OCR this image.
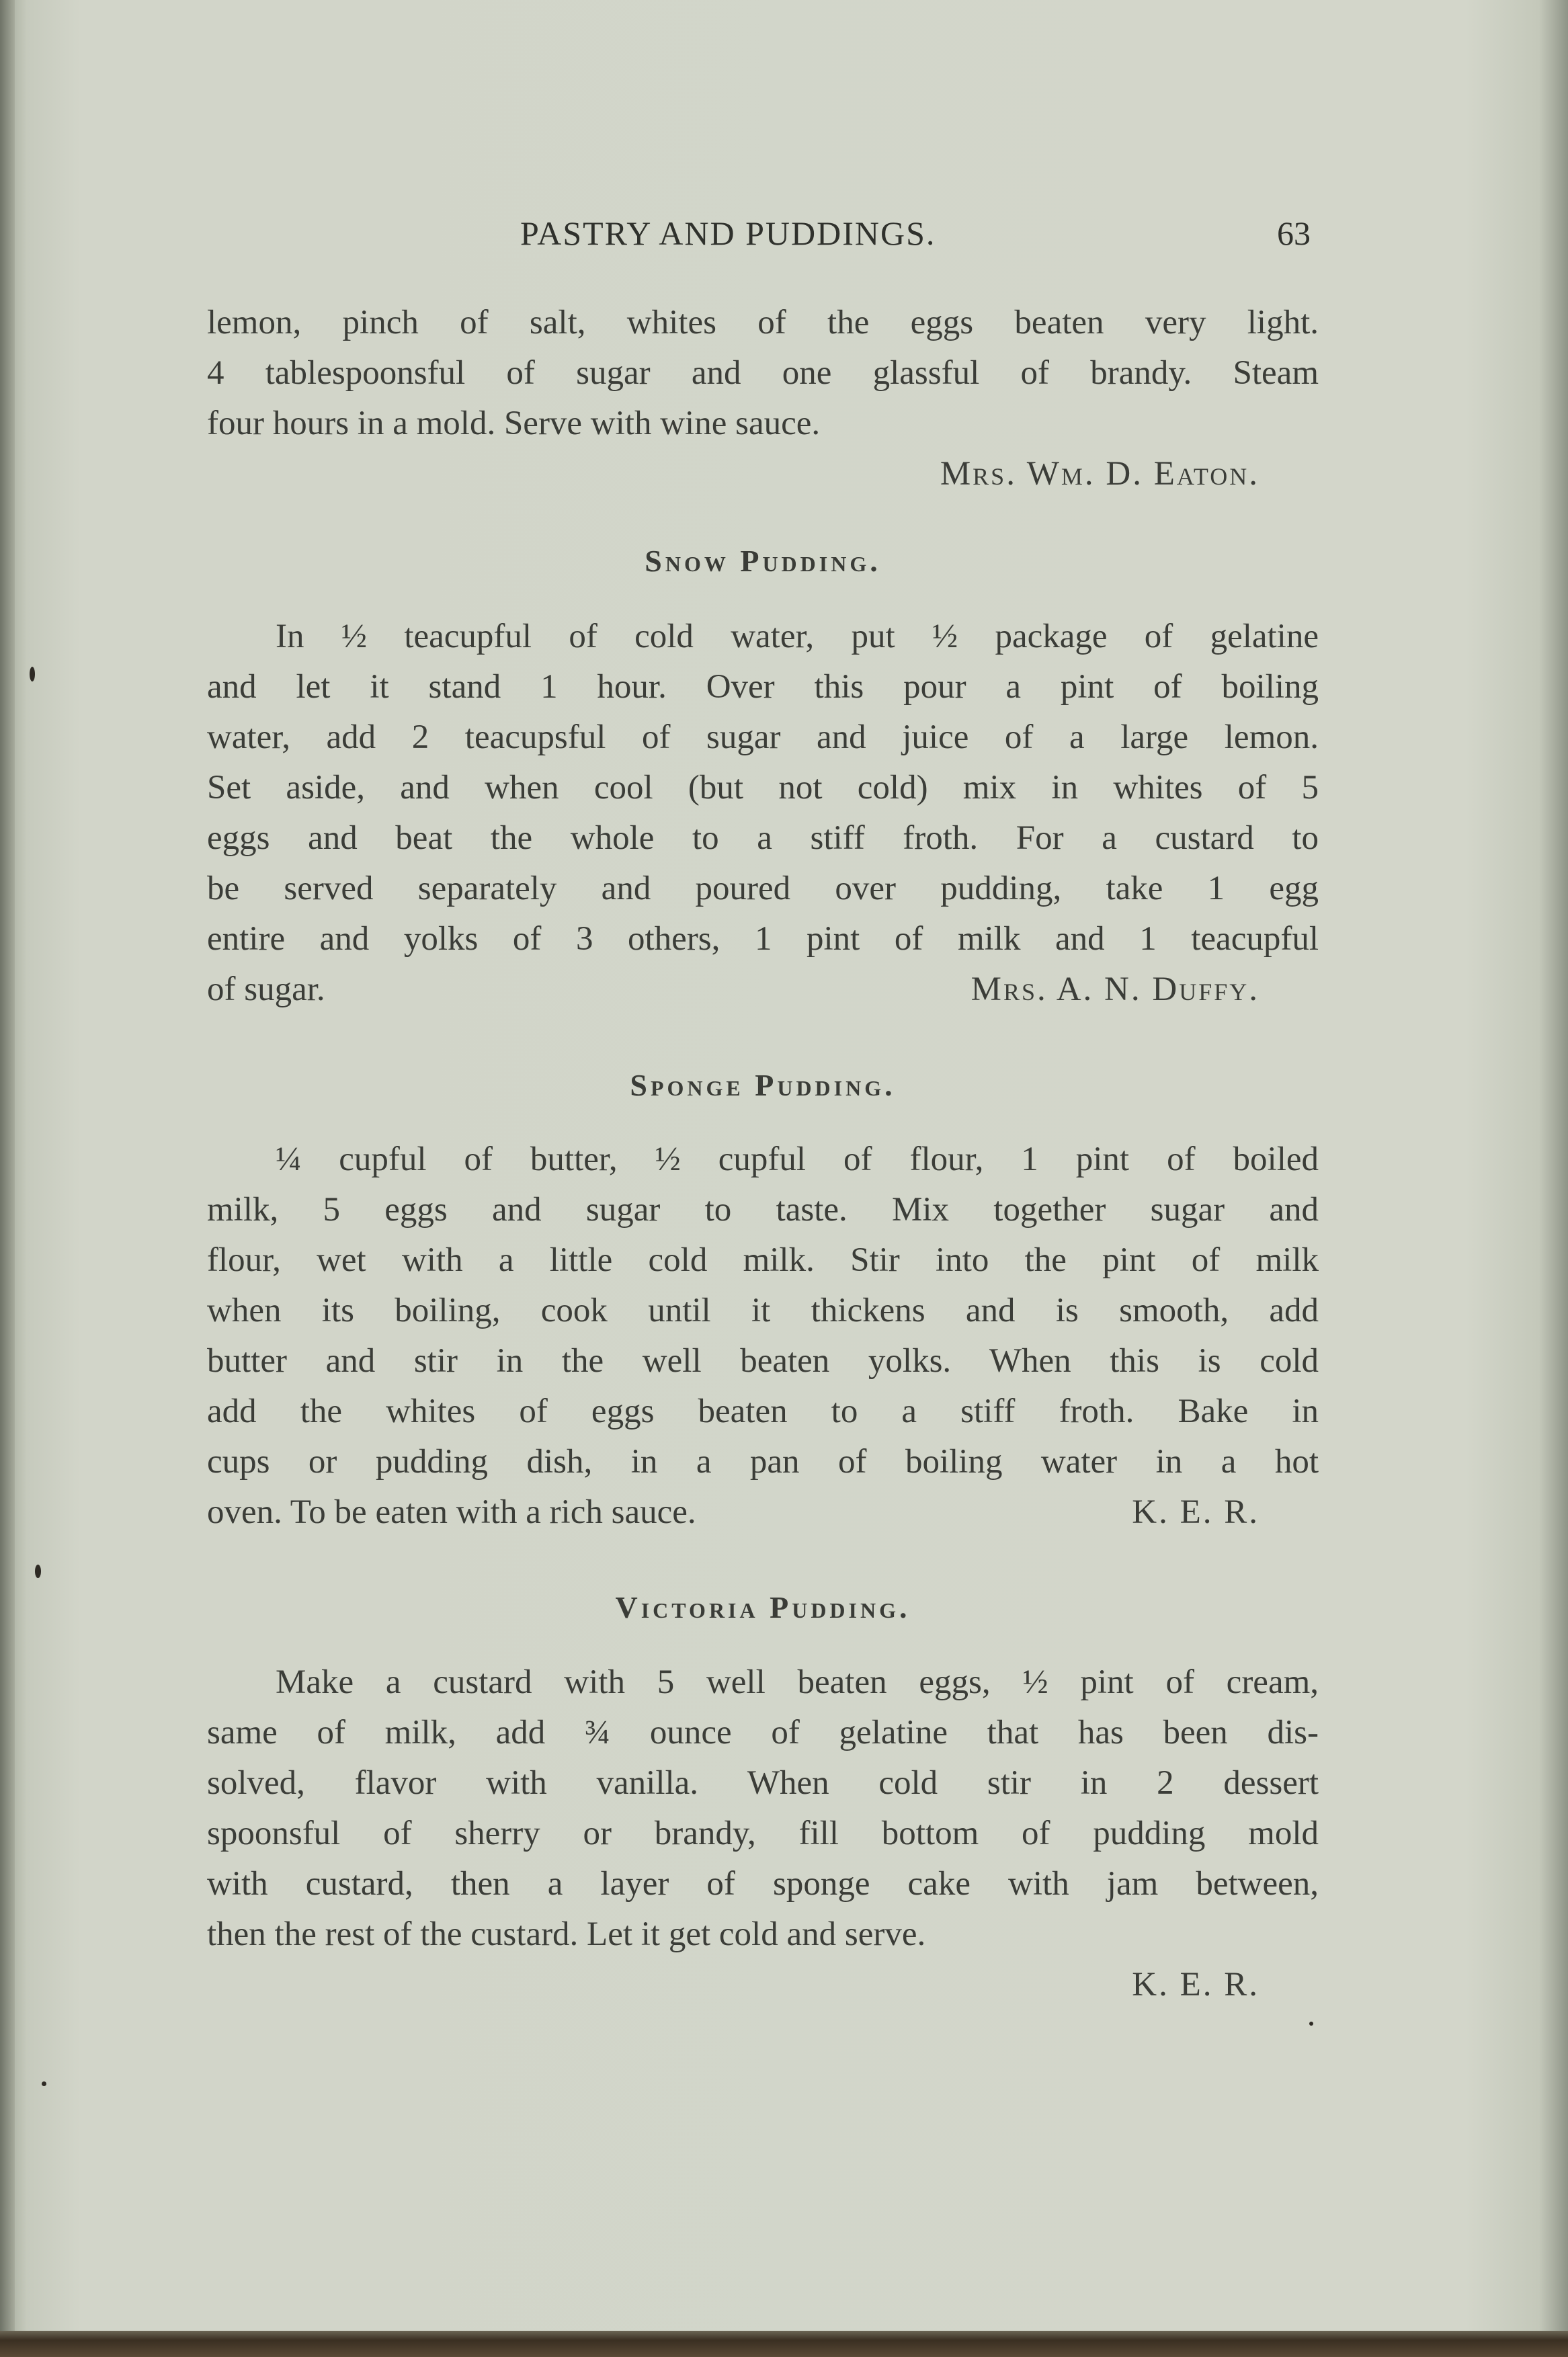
PASTRY AND PUDDINGS.	63
lemon, pinch of salt, whites of the eggs beaten very light.
4 tablespoonsful of sugar and one glassful of brandy. Steam
four hours in a mold. Serve with wine sauce.
Mrs. Wm. D. Eaton.
Snow Pudding.
In ½ teacupful of cold water, put ½ package of gelatine
and let it stand 1 hour. Over this pour a pint of boiling
water, add 2 teacupsful of sugar and juice of a large lemon.
Set aside, and when cool (but not cold) mix in whites of 5
eggs and beat the whole to a stiff froth. For a custard to
be served separately and poured over pudding, take 1 egg
entire and yolks of 3 others, 1 pint of milk and 1 teacupful
of sugar.	Mrs. A. N. Duffy.
Sponge Pudding.
¼ cupful of butter, ½ cupful of flour, 1 pint of boiled
milk, 5 eggs and sugar to taste. Mix together sugar and
flour, wet with a little cold milk. Stir into the pint of milk
when its boiling, cook until it thickens and is smooth, add
butter and stir in the well beaten yolks. When this is cold
add the whites of eggs beaten to a stiff froth. Bake in
cups or pudding dish, in a pan of boiling water in a hot
oven. To be eaten with a rich sauce.	K. E. R.
Victoria Pudding.
Make a custard with 5 well beaten eggs, ½ pint of cream,
same of milk, add ¾ ounce of gelatine that has been dis-
solved, flavor with vanilla. When cold stir in 2 dessert
spoonsful of sherry or brandy, fill bottom of pudding mold
with custard, then a layer of sponge cake with jam between,
then the rest of the custard. Let it get cold and serve.
K. E. R.
